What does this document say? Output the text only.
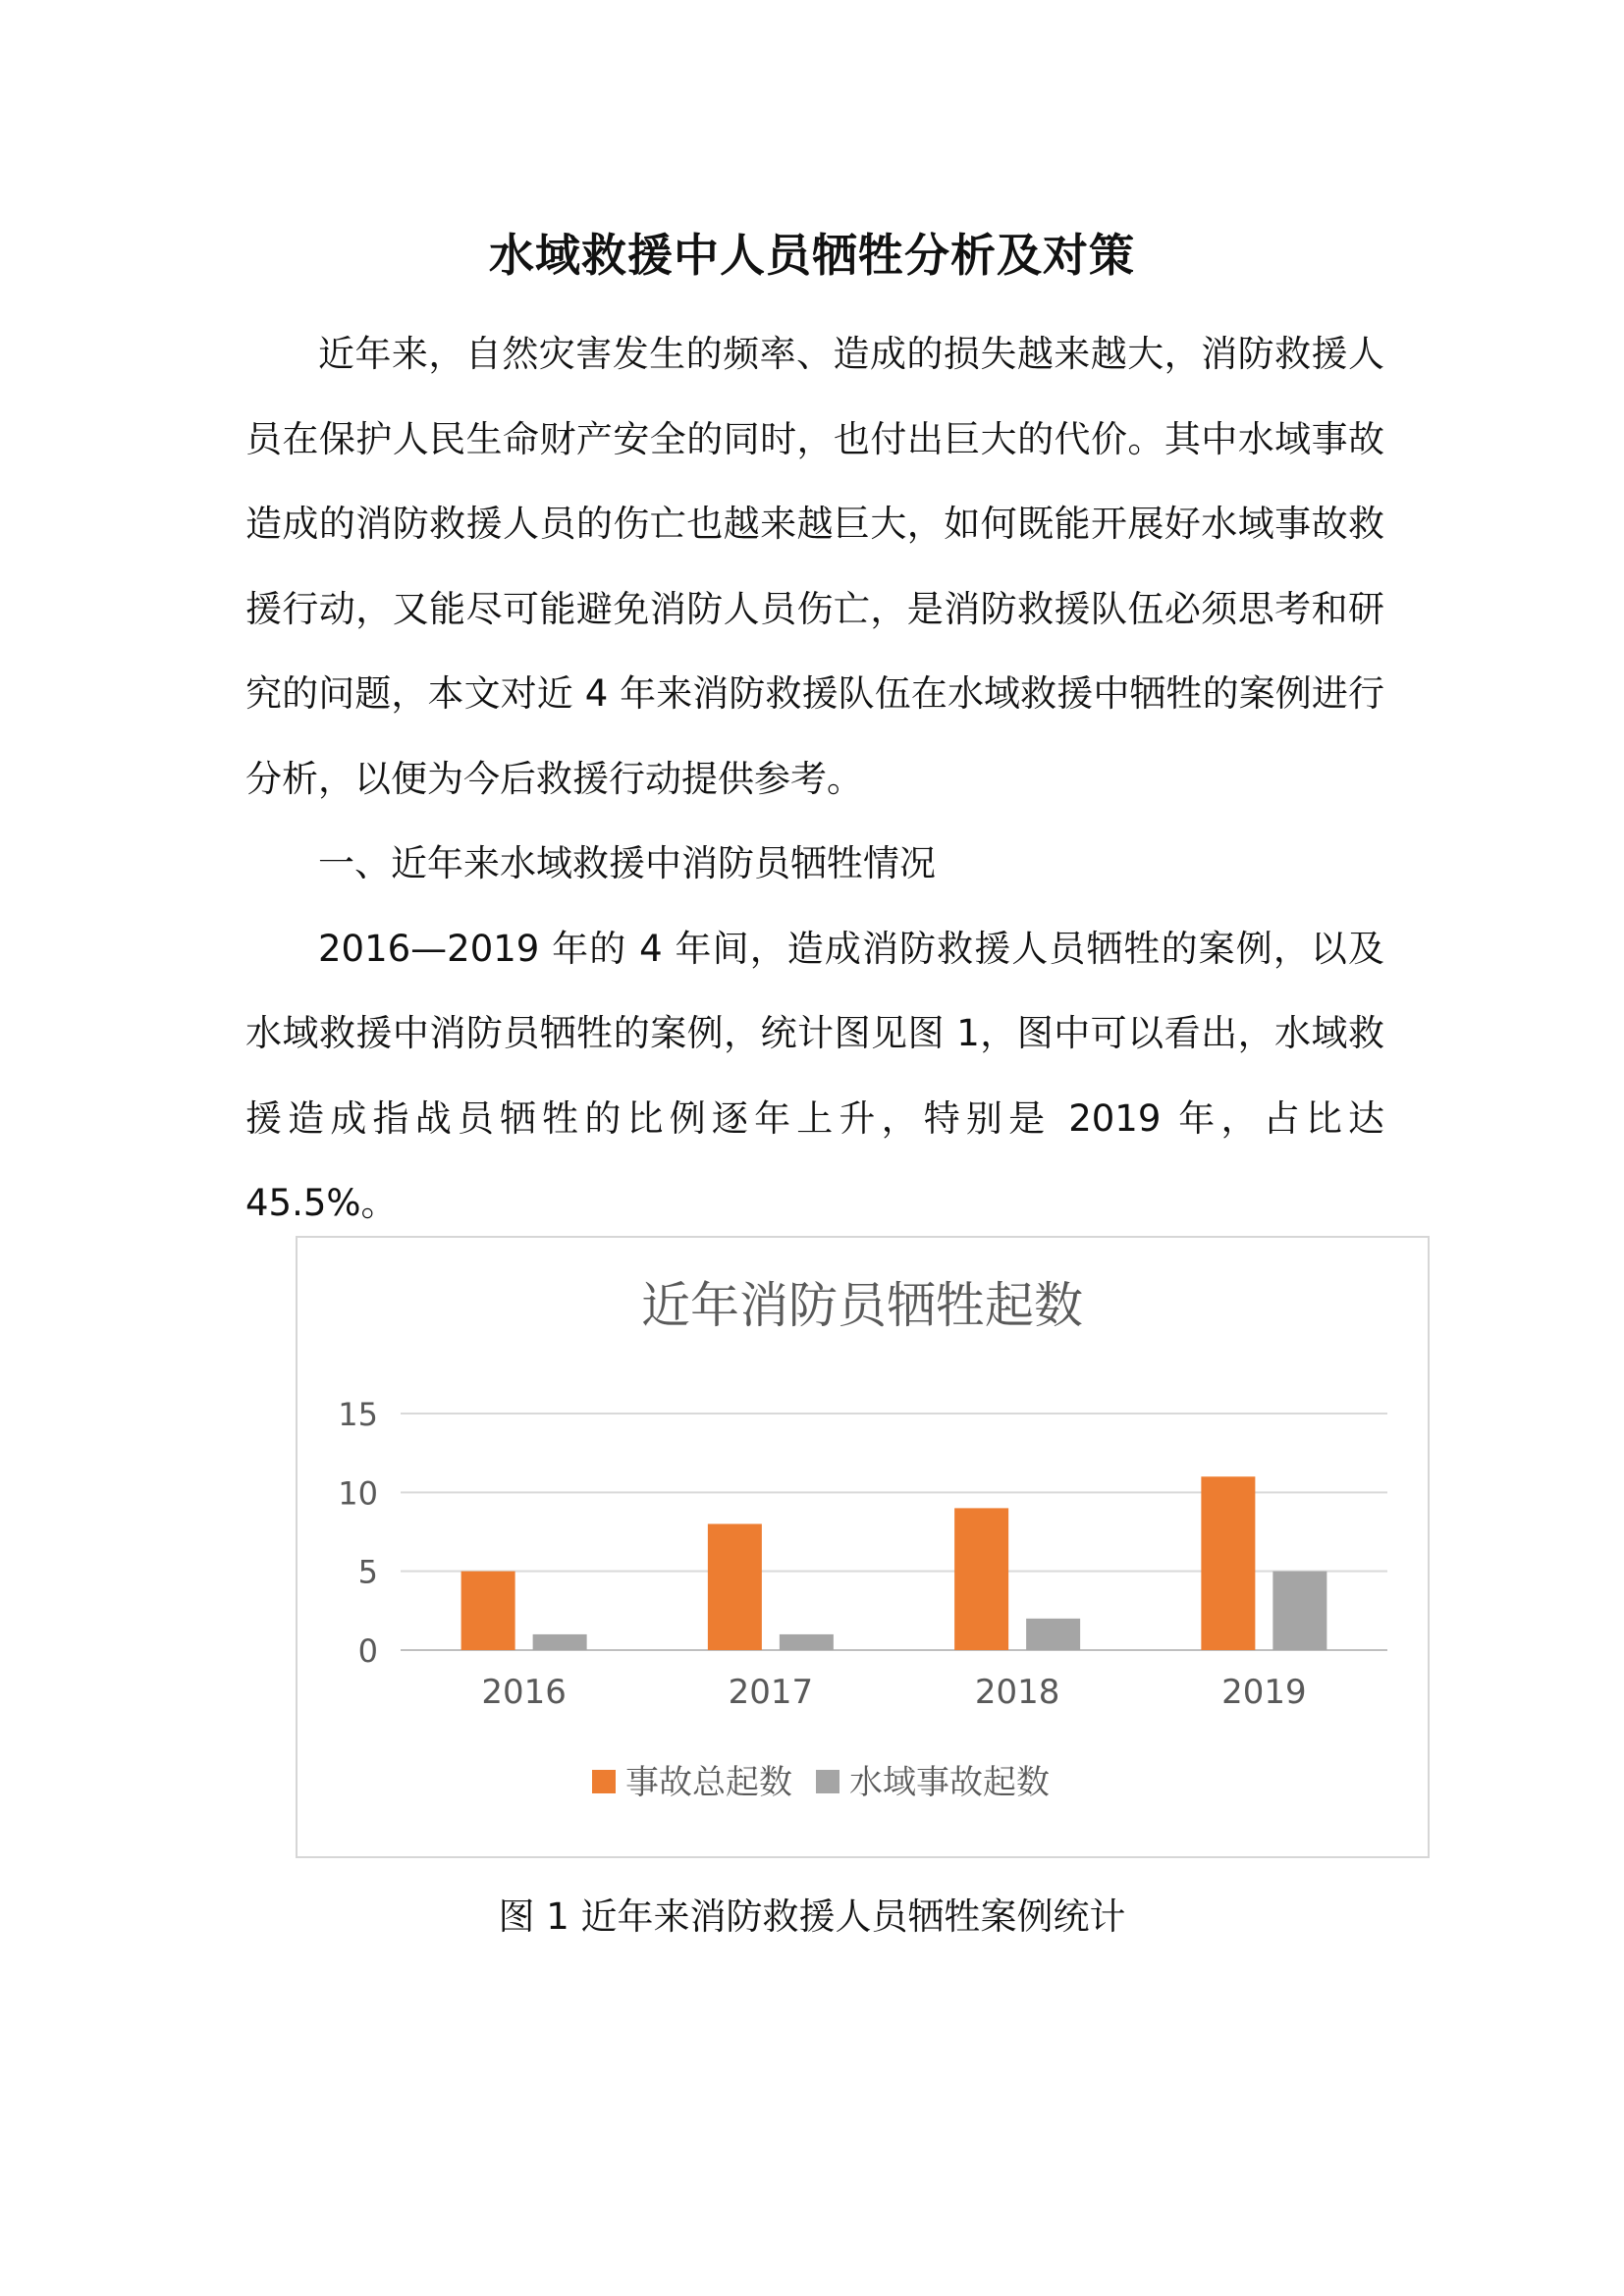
水域救援中人员牺牲分析及对策

近年来，自然灾害发生的频率、造成的损失越来越大，消防救援人员在保护人民生命财产安全的同时，也付出巨大的代价。其中水域事故造成的消防救援人员的伤亡也越来越巨大，如何既能开展好水域事故救援行动，又能尽可能避免消防人员伤亡，是消防救援队伍必须思考和研究的问题，本文对近 4 年来消防救援队伍在水域救援中牺牲的案例进行分析，以便为今后救援行动提供参考。

一、近年来水域救援中消防员牺牲情况

2016—2019 年的 4 年间，造成消防救援人员牺牲的案例，以及水域救援中消防员牺牲的案例，统计图见图 1，图中可以看出，水域救援造成指战员牺牲的比例逐年上升，特别是 2019 年，占比达 45.5%。

近年消防员牺牲起数
0
5
10
15
2016	2017	2018	2019
事故总起数 水域事故起数

图 1 近年来消防救援人员牺牲案例统计
